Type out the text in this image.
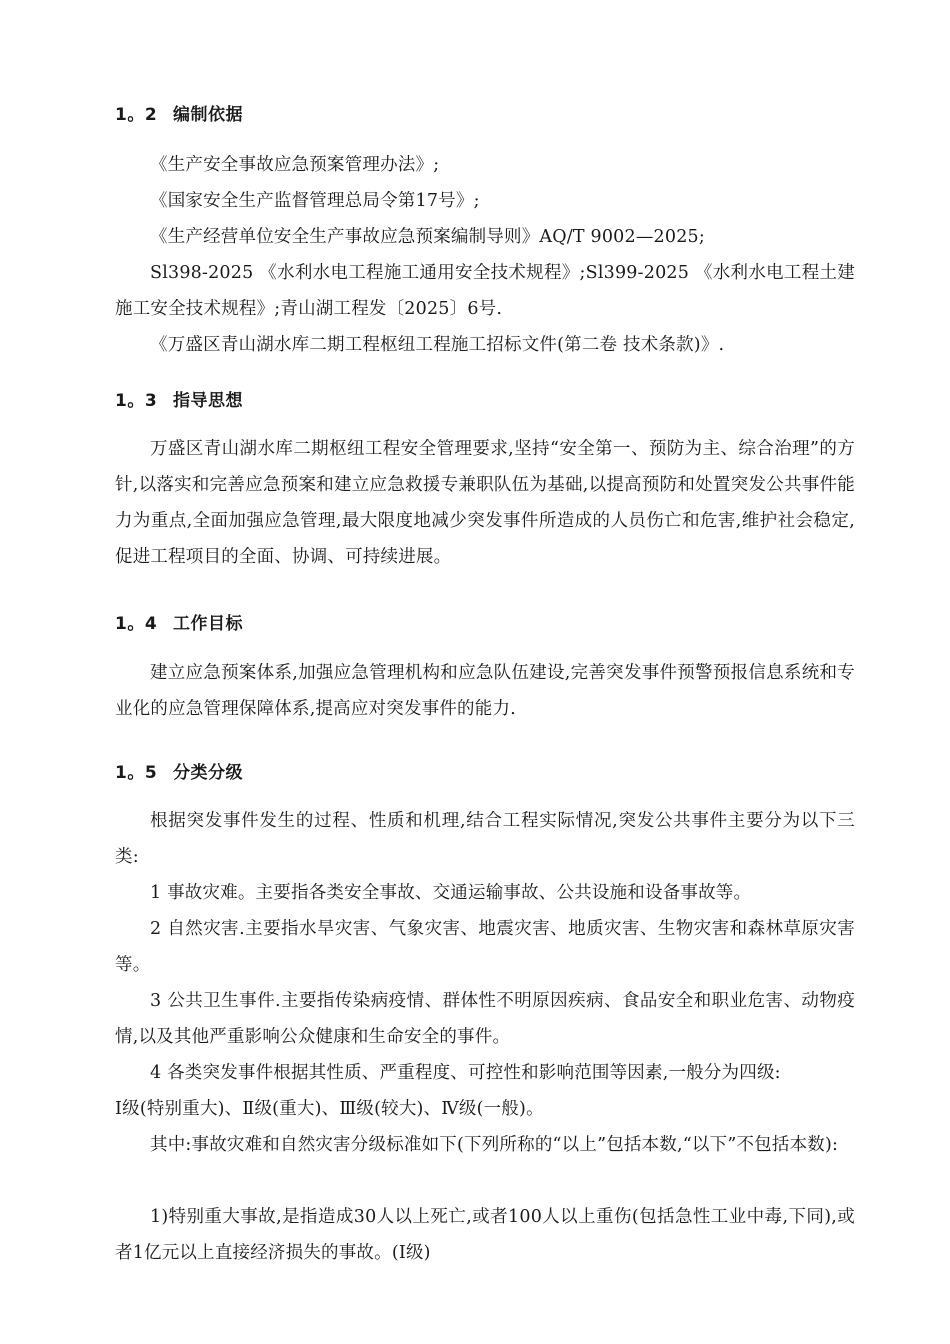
1。2 编制依据
《生产安全事故应急预案管理办法》;
《国家安全生产监督管理总局令第17号》;
《生产经营单位安全生产事故应急预案编制导则》AQ/T 9002—2025;
Sl398-2025 《水利水电工程施工通用安全技术规程》;Sl399-2025 《水利水电工程土建施工安全技术规程》;青山湖工程发〔2025〕6号.
《万盛区青山湖水库二期工程枢纽工程施工招标文件(第二卷 技术条款)》.
1。3 指导思想
万盛区青山湖水库二期枢纽工程安全管理要求,坚持“安全第一、预防为主、综合治理”的方针,以落实和完善应急预案和建立应急救援专兼职队伍为基础,以提高预防和处置突发公共事件能力为重点,全面加强应急管理,最大限度地减少突发事件所造成的人员伤亡和危害,维护社会稳定,促进工程项目的全面、协调、可持续进展。
1。4 工作目标
建立应急预案体系,加强应急管理机构和应急队伍建设,完善突发事件预警预报信息系统和专业化的应急管理保障体系,提高应对突发事件的能力.
1。5 分类分级
根据突发事件发生的过程、性质和机理,结合工程实际情况,突发公共事件主要分为以下三类:
1 事故灾难。主要指各类安全事故、交通运输事故、公共设施和设备事故等。
2 自然灾害.主要指水旱灾害、气象灾害、地震灾害、地质灾害、生物灾害和森林草原灾害等。
3 公共卫生事件.主要指传染病疫情、群体性不明原因疾病、食品安全和职业危害、动物疫情,以及其他严重影响公众健康和生命安全的事件。
4 各类突发事件根据其性质、严重程度、可控性和影响范围等因素,一般分为四级:
Ⅰ级(特别重大)、Ⅱ级(重大)、Ⅲ级(较大)、Ⅳ级(一般)。
其中:事故灾难和自然灾害分级标准如下(下列所称的“以上”包括本数,“以下”不包括本数):
1)特别重大事故,是指造成30人以上死亡,或者100人以上重伤(包括急性工业中毒,下同),或者1亿元以上直接经济损失的事故。(Ⅰ级)
